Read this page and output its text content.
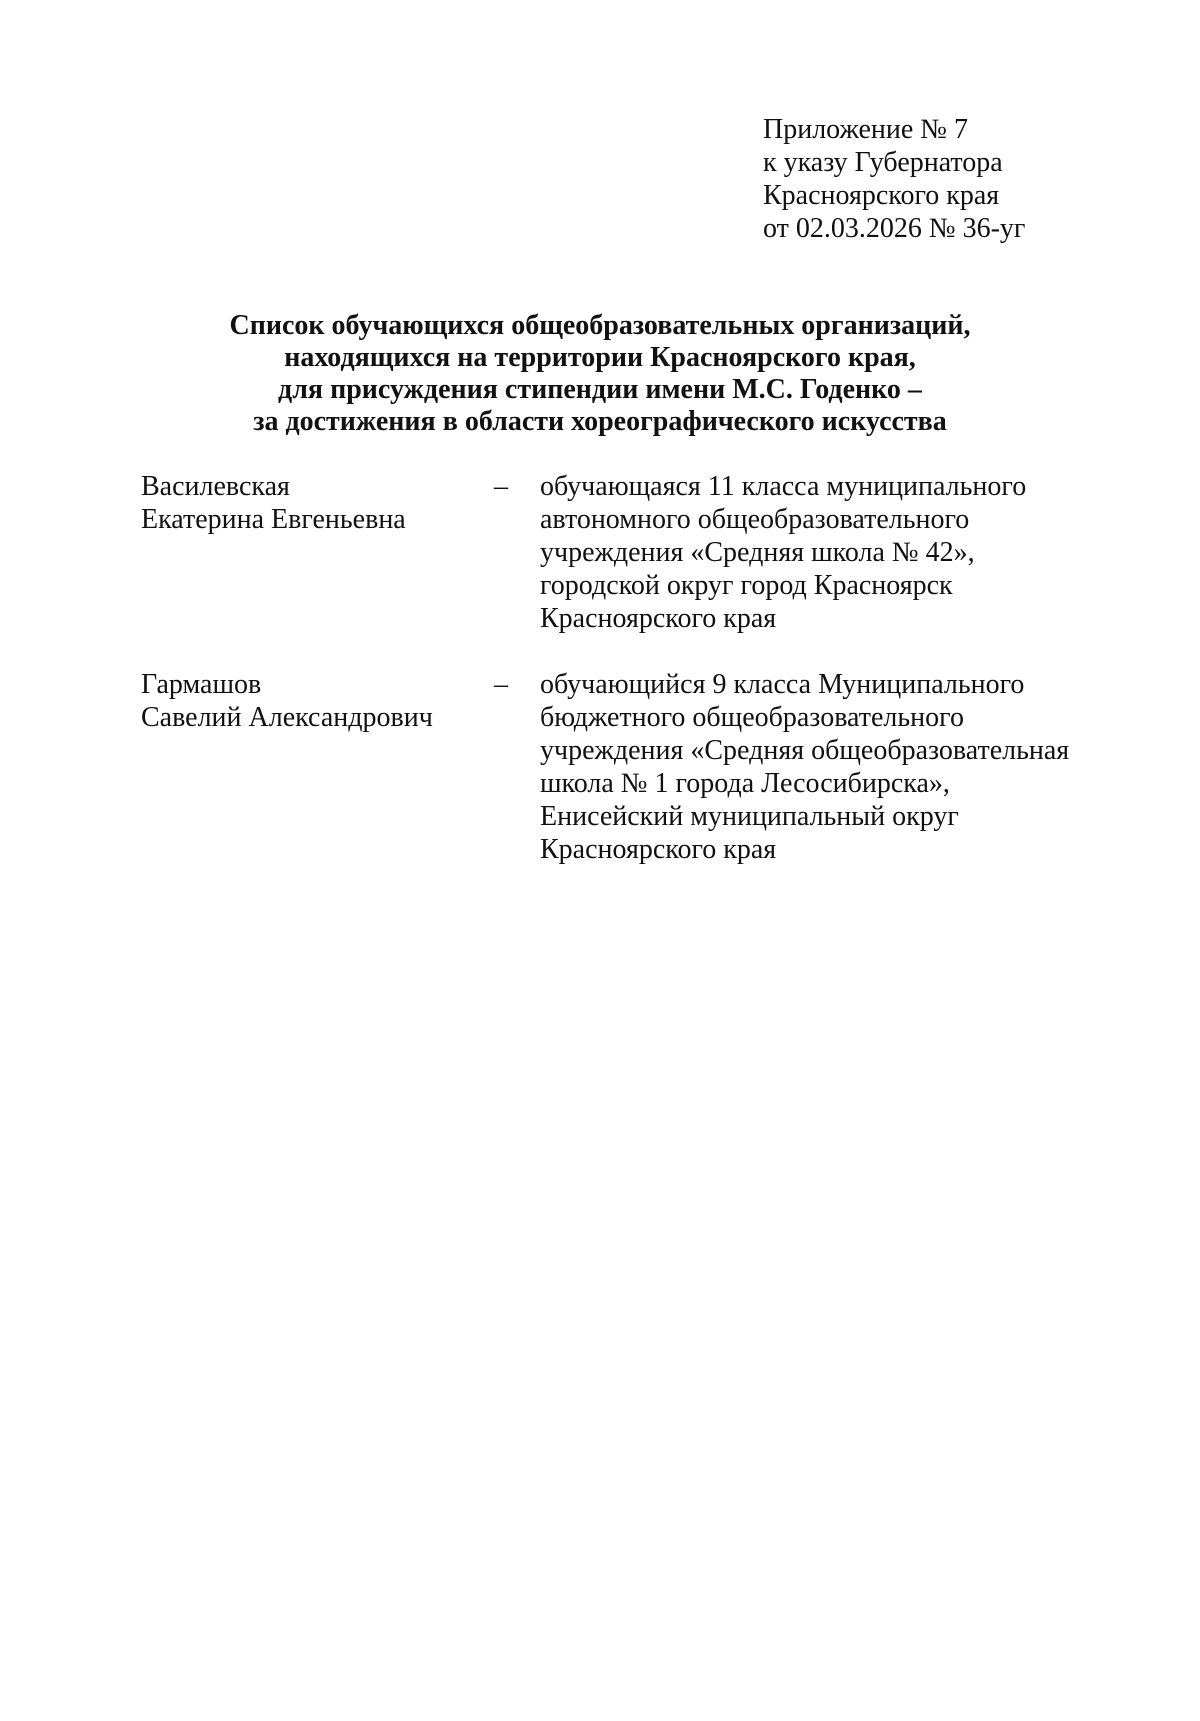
Приложение № 7
к указу Губернатора
Красноярского края
от 02.03.2026 № 36-уг
Список обучающихся общеобразовательных организаций,
находящихся на территории Красноярского края,
для присуждения стипендии имени М.С. Годенко –
за достижения в области хореографического искусства
Василевская
Екатерина Евгеньевна
–	обучающаяся 11 класса муниципального
автономного общеобразовательного
учреждения «Средняя школа № 42»,
городской округ город Красноярск
Красноярского края
Гармашов
Савелий Александрович
–	обучающийся 9 класса Муниципального
бюджетного общеобразовательного
учреждения «Средняя общеобразовательная
школа № 1 города Лесосибирска»,
Енисейский муниципальный округ
Красноярского края
